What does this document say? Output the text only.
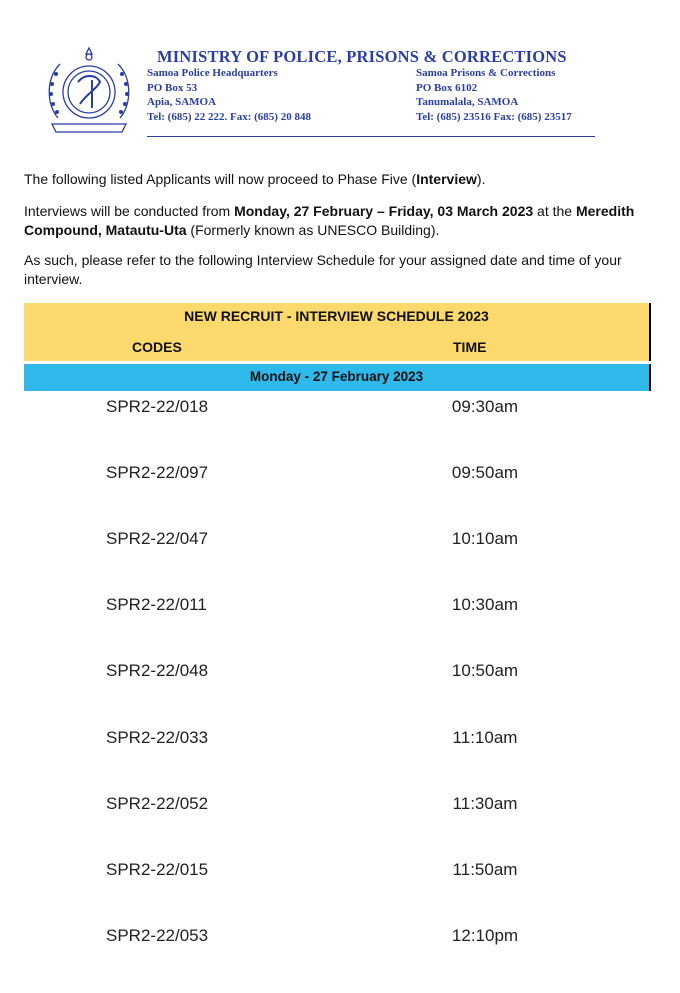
MINISTRY OF POLICE, PRISONS & CORRECTIONS
Samoa Police Headquarters
PO Box 53
Apia, SAMOA
Tel: (685) 22 222. Fax: (685) 20 848
Samoa Prisons & Corrections
PO Box 6102
Tanumalala, SAMOA
Tel: (685) 23516 Fax: (685) 23517
The following listed Applicants will now proceed to Phase Five (Interview).
Interviews will be conducted from Monday, 27 February – Friday, 03 March 2023 at the Meredith Compound, Matautu-Uta (Formerly known as UNESCO Building).
As such, please refer to the following Interview Schedule for your assigned date and time of your interview.
NEW RECRUIT - INTERVIEW SCHEDULE 2023
CODES	TIME
Monday - 27 February 2023
SPR2-22/018	09:30am
SPR2-22/097	09:50am
SPR2-22/047	10:10am
SPR2-22/011	10:30am
SPR2-22/048	10:50am
SPR2-22/033	11:10am
SPR2-22/052	11:30am
SPR2-22/015	11:50am
SPR2-22/053	12:10pm
